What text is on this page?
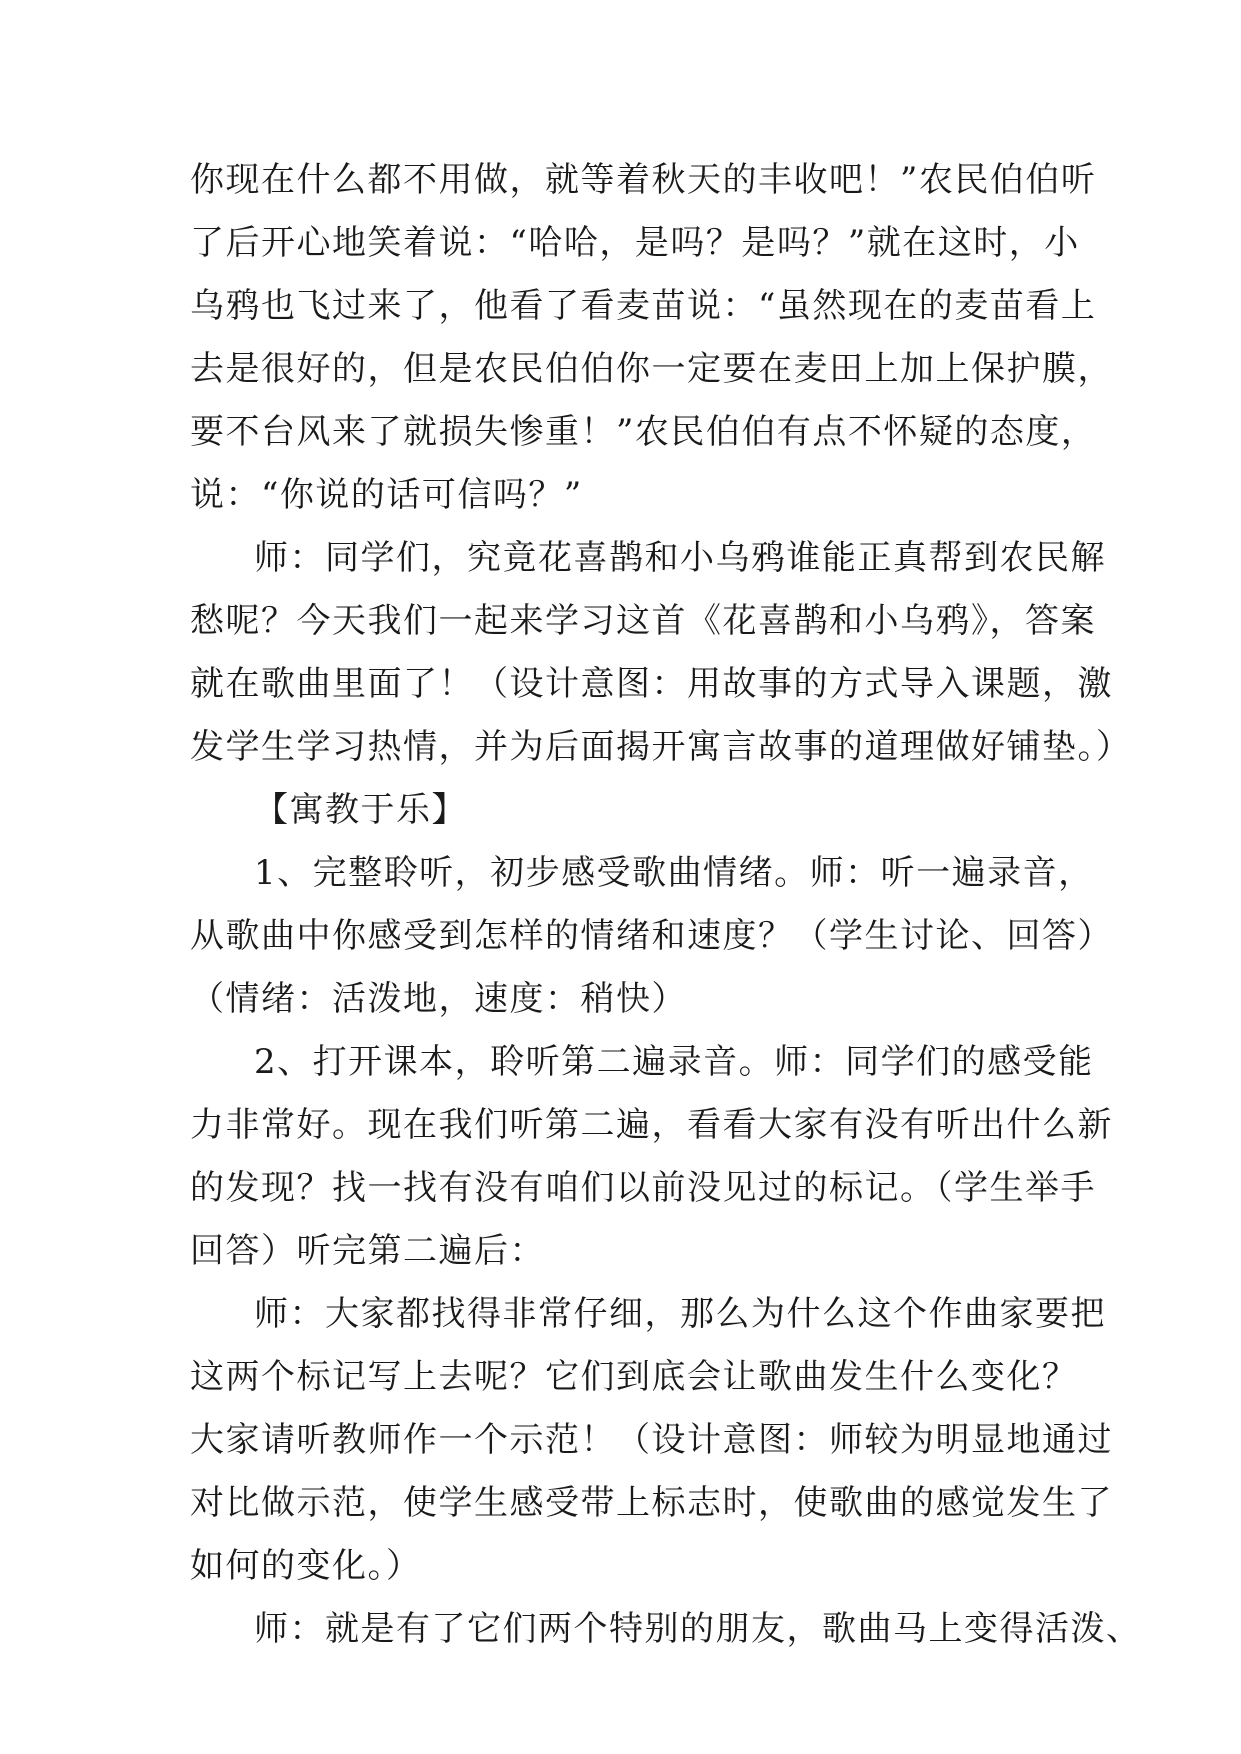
你现在什么都不用做，就等着秋天的丰收吧！”农民伯伯听
了后开心地笑着说：“哈哈，是吗？是吗？”就在这时，小
乌鸦也飞过来了，他看了看麦苗说：“虽然现在的麦苗看上
去是很好的，但是农民伯伯你一定要在麦田上加上保护膜，
要不台风来了就损失惨重！”农民伯伯有点不怀疑的态度，
说：“你说的话可信吗？”
师：同学们，究竟花喜鹊和小乌鸦谁能正真帮到农民解
愁呢？今天我们一起来学习这首《花喜鹊和小乌鸦》，答案
就在歌曲里面了！（设计意图：用故事的方式导入课题，激
发学生学习热情，并为后面揭开寓言故事的道理做好铺垫。）
【寓教于乐】
1、完整聆听，初步感受歌曲情绪。师：听一遍录音，
从歌曲中你感受到怎样的情绪和速度？（学生讨论、回答）
（情绪：活泼地，速度：稍快）
2、打开课本，聆听第二遍录音。师：同学们的感受能
力非常好。现在我们听第二遍，看看大家有没有听出什么新
的发现？找一找有没有咱们以前没见过的标记。（学生举手
回答）听完第二遍后：
师：大家都找得非常仔细，那么为什么这个作曲家要把
这两个标记写上去呢？它们到底会让歌曲发生什么变化？
大家请听教师作一个示范！（设计意图：师较为明显地通过
对比做示范，使学生感受带上标志时，使歌曲的感觉发生了
如何的变化。）
师：就是有了它们两个特别的朋友，歌曲马上变得活泼、
